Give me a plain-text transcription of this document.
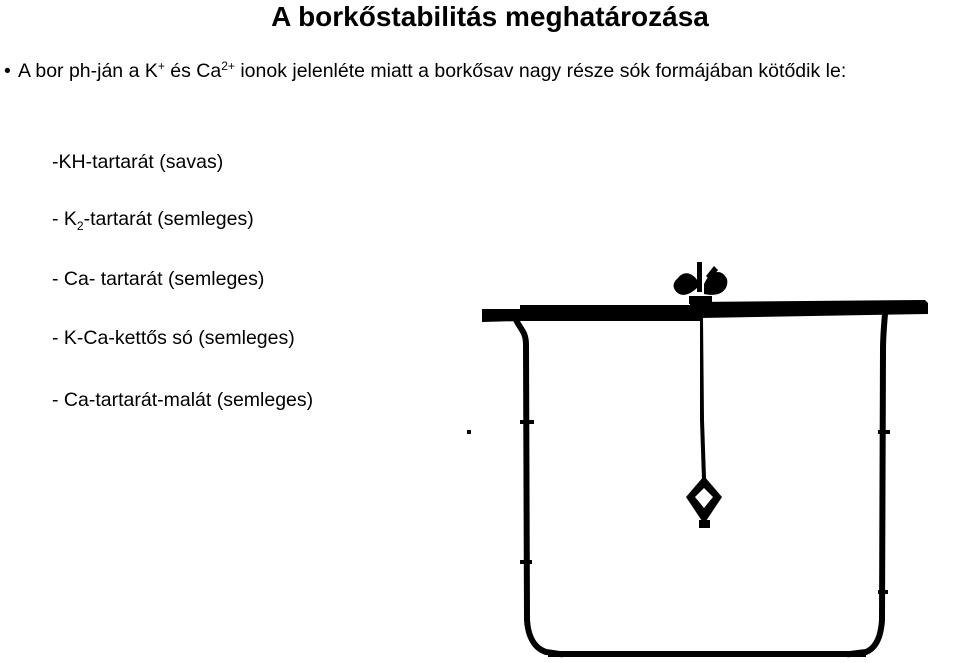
A borkőstabilitás meghatározása
• A bor ph-ján a K+ és $Ca^{2+}$ ionok jelenléte miatt a borkősav nagy része sók formájában kötődik le:
-KH-tartarát (savas)
- $K_2$-tartarát (semleges)
- Ca- tartarát (semleges)
- K-Ca-kettős só (semleges)
- Ca-tartarát-malát (semleges)
